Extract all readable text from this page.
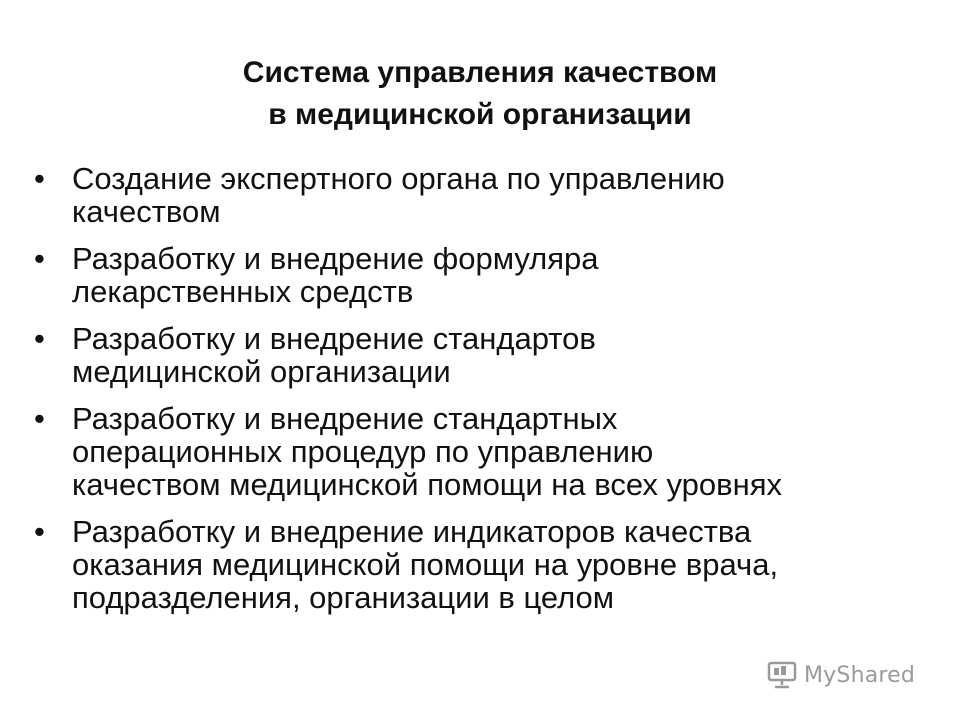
Система управления качеством
в медицинской организации
• Создание экспертного органа по управлению
качеством
• Разработку и внедрение формуляра
лекарственных средств
• Разработку и внедрение стандартов
медицинской организации
• Разработку и внедрение стандартных
операционных процедур по управлению
качеством медицинской помощи на всех уровнях
• Разработку и внедрение индикаторов качества
оказания медицинской помощи на уровне врача,
подразделения, организации в целом
MyShared
